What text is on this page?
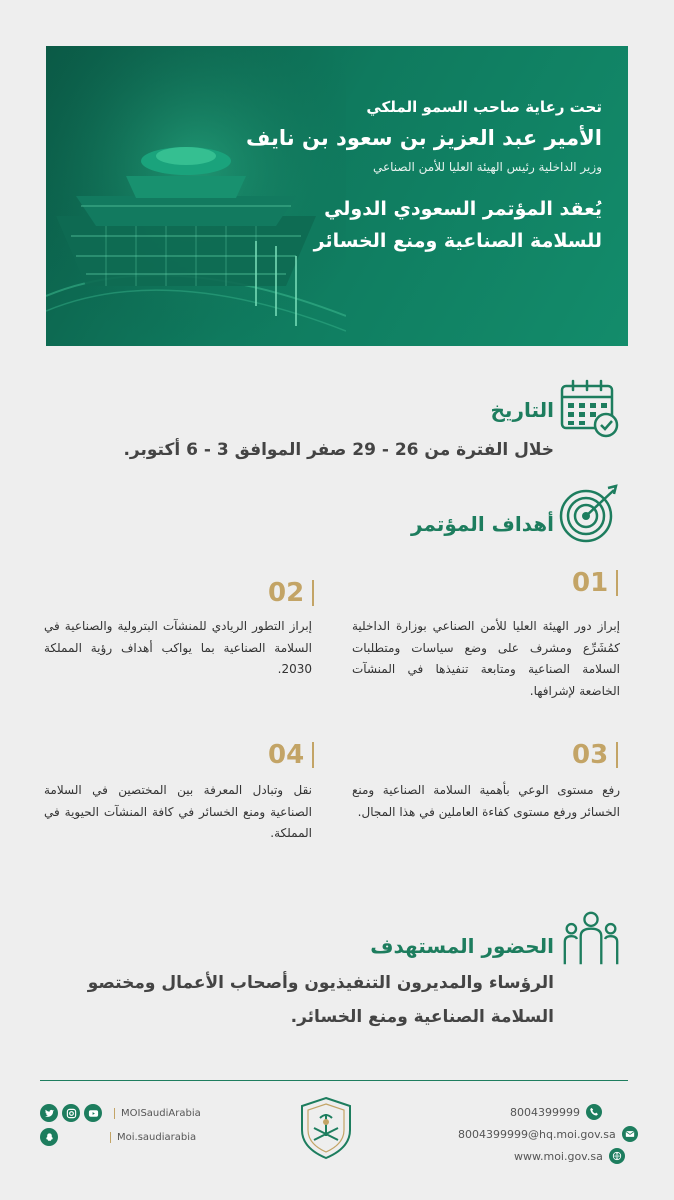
تحت رعاية صاحب السمو الملكي
الأمير عبد العزيز بن سعود بن نايف
وزير الداخلية رئيس الهيئة العليا للأمن الصناعي
يُعقد المؤتمر السعودي الدولي
للسلامة الصناعية ومنع الخسائر
التاريخ
خلال الفترة من 26 - 29 صفر الموافق 3 - 6 أكتوبر.
أهداف المؤتمر
01
إبراز دور الهيئة العليا للأمن الصناعي بوزارة الداخلية كمُشَرِّع ومشرف على وضع سياسات ومتطلبات السلامة الصناعية ومتابعة تنفيذها في المنشآت الخاضعة لإشرافها.
02
إبراز التطور الريادي للمنشآت البترولية والصناعية في السلامة الصناعية بما يواكب أهداف رؤية المملكة 2030.
03
رفع مستوى الوعي بأهمية السلامة الصناعية ومنع الخسائر ورفع مستوى كفاءة العاملين في هذا المجال.
04
نقل وتبادل المعرفة بين المختصين في السلامة الصناعية ومنع الخسائر في كافة المنشآت الحيوية في المملكة.
الحضور المستهدف
الرؤساء والمديرون التنفيذيون وأصحاب الأعمال ومختصو السلامة الصناعية ومنع الخسائر.
MOISaudiArabia
Moi.saudiarabia
8004399999
8004399999@hq.moi.gov.sa
www.moi.gov.sa
